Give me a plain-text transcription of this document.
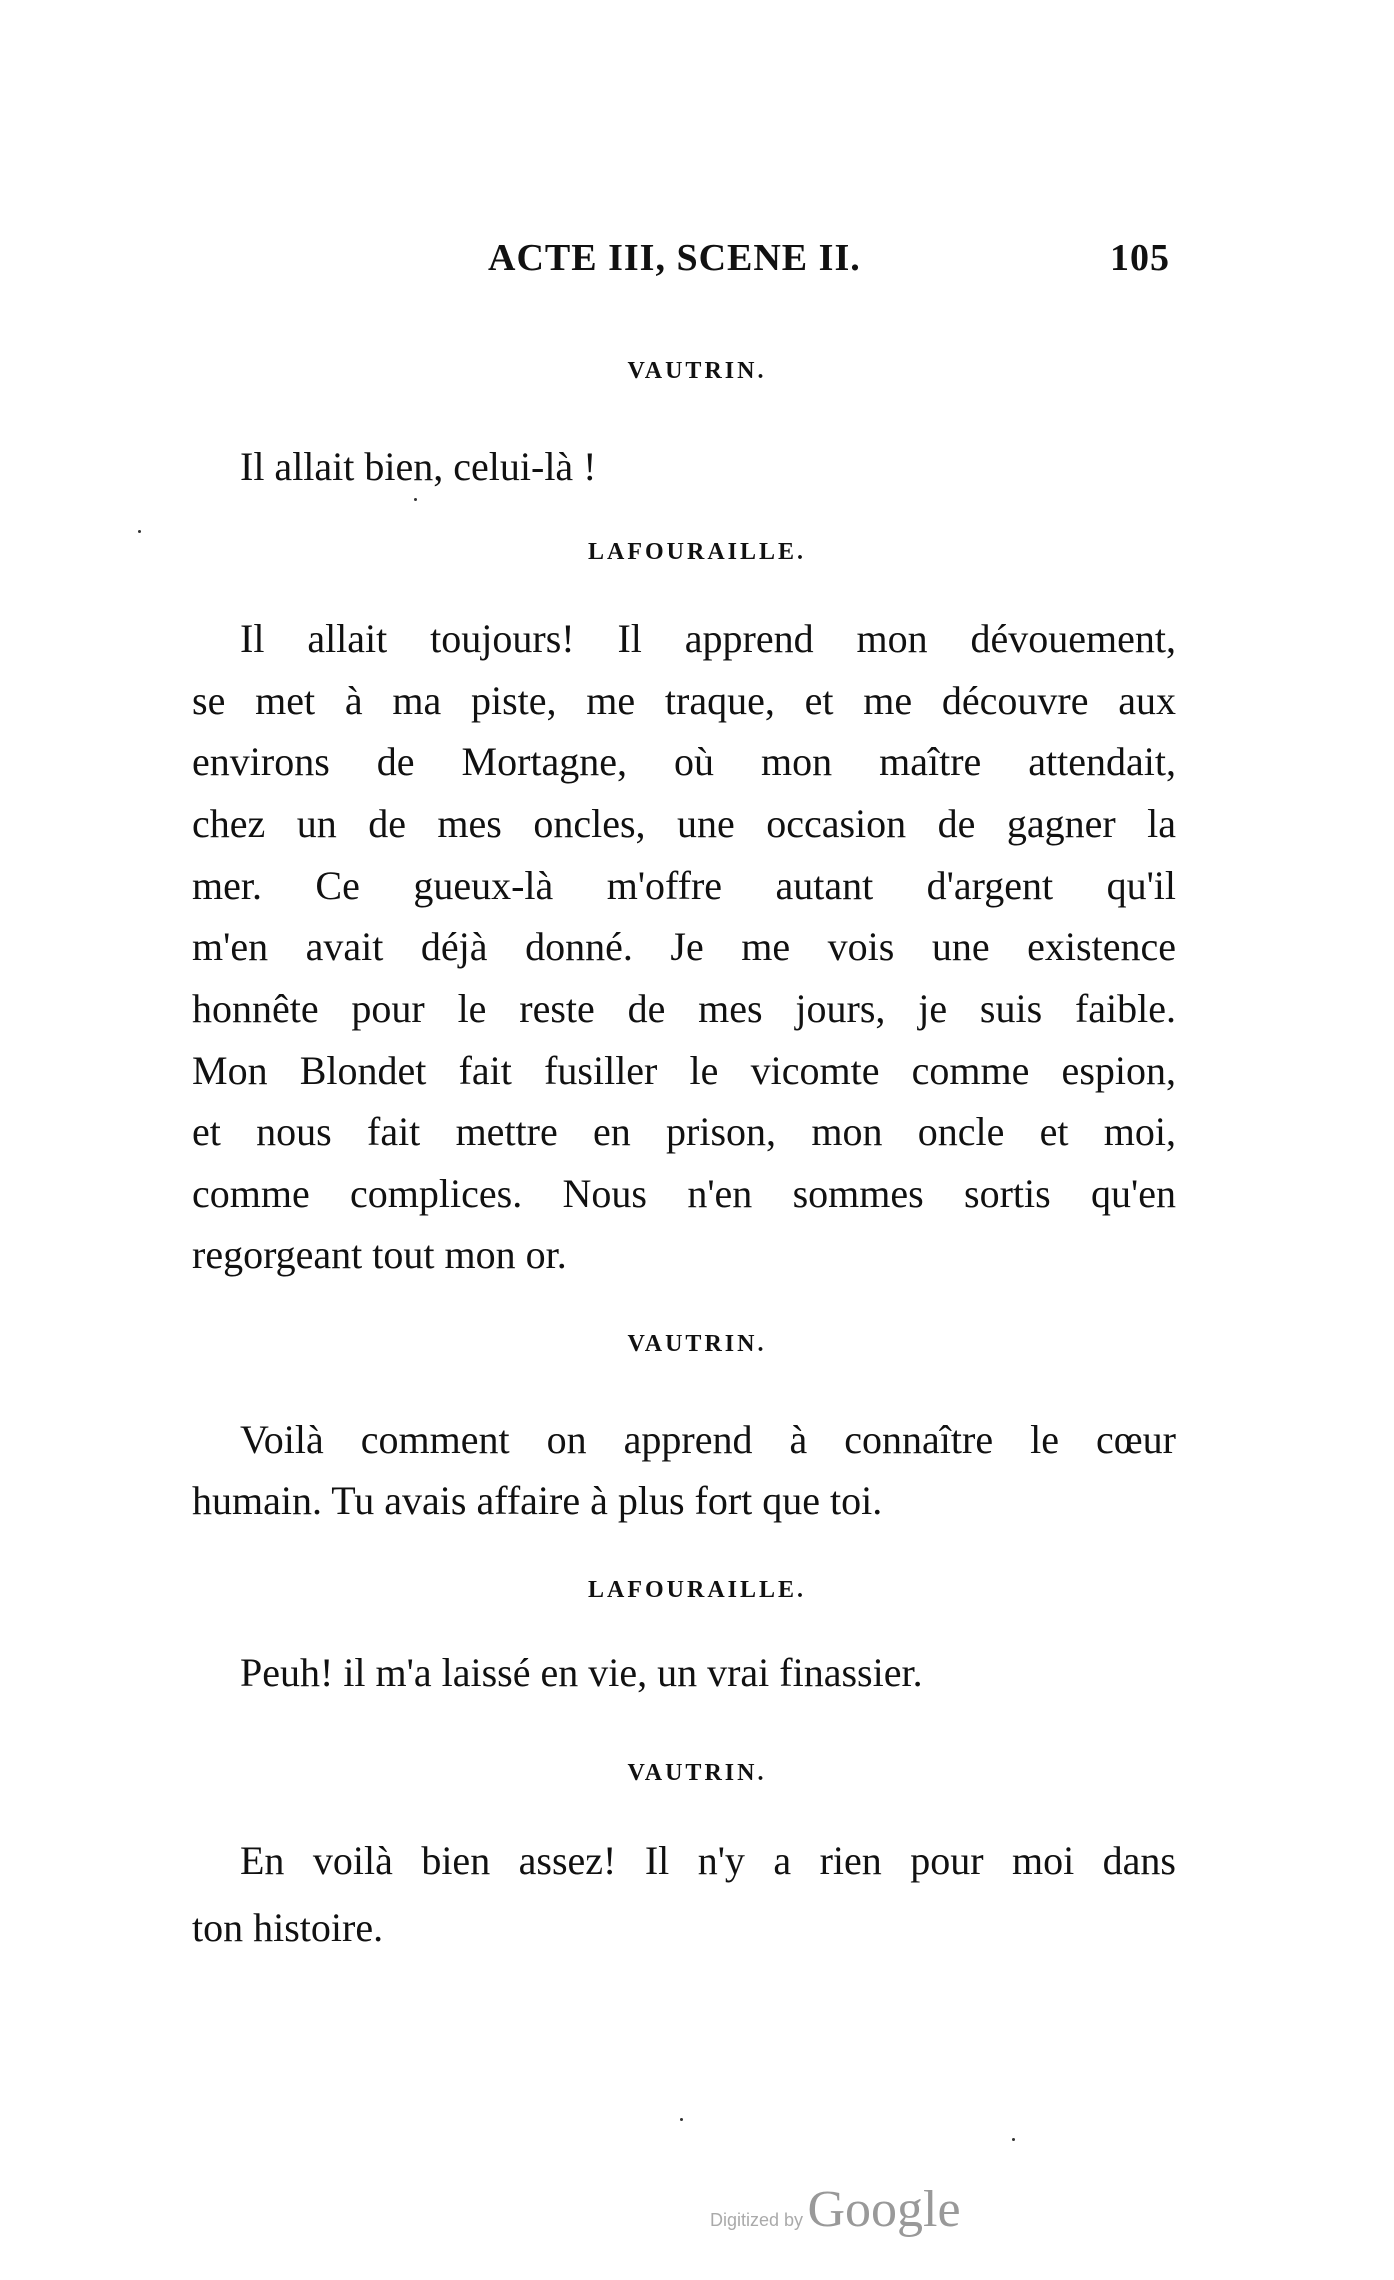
ACTE III, SCENE II.	105
VAUTRIN.
Il allait bien, celui-là !
LAFOURAILLE.
Il allait toujours! Il apprend mon dévouement,
se met à ma piste, me traque, et me découvre aux
environs de Mortagne, où mon maître attendait,
chez un de mes oncles, une occasion de gagner la
mer. Ce gueux-là m'offre autant d'argent qu'il
m'en avait déjà donné. Je me vois une existence
honnête pour le reste de mes jours, je suis faible.
Mon Blondet fait fusiller le vicomte comme espion,
et nous fait mettre en prison, mon oncle et moi,
comme complices. Nous n'en sommes sortis qu'en
regorgeant tout mon or.
VAUTRIN.
Voilà comment on apprend à connaître le cœur
humain. Tu avais affaire à plus fort que toi.
LAFOURAILLE.
Peuh! il m'a laissé en vie, un vrai finassier.
VAUTRIN.
En voilà bien assez! Il n'y a rien pour moi dans
ton histoire.
Digitized by Google
